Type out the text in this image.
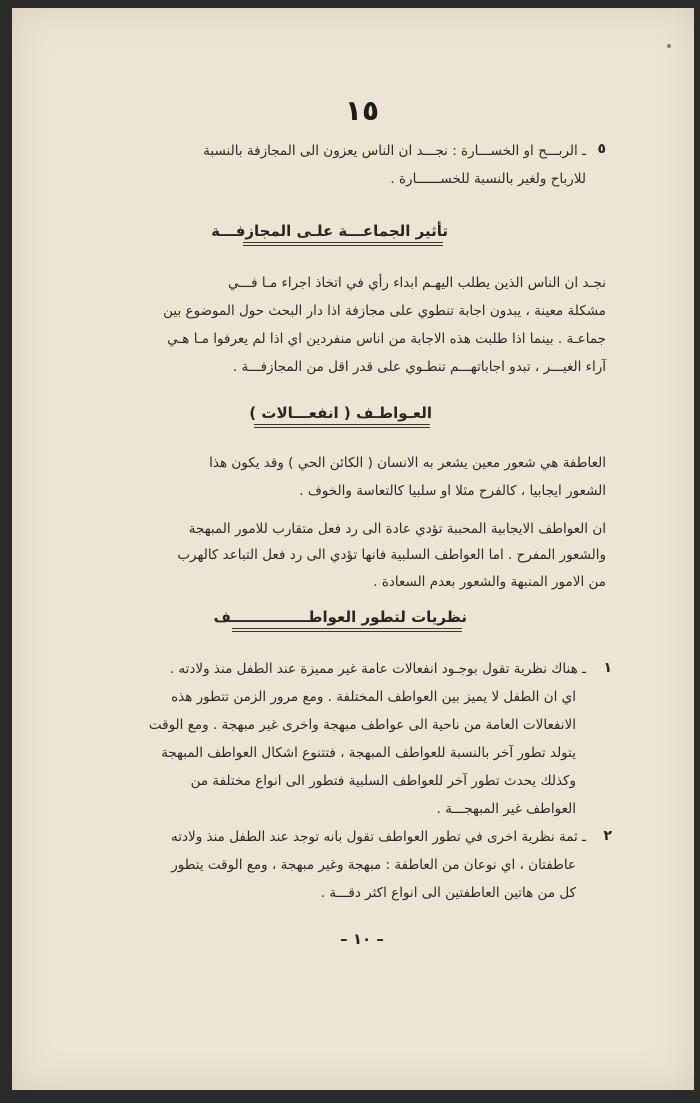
١٥
٥
ـ الربـــح او الخســـارة : نجـــد ان الناس يعزون الى المجازفة بالنسبة
للارباح ولغير بالنسبة للخســــــارة .
تأثير الجماعـــة علـى المجازفـــة
نجـد ان الناس الذين يطلب اليهـم ابداء رأي في اتخاذ اجراء مـا فـــي
مشكلة معينة ، يبدون اجابة تنطوي على مجازفة اذا دار البحث حول الموضوع بين
جماعـة . بينما اذا طلبت هذه الاجابة من اناس منفردين اي اذا لم يعرفوا مـا هـي
آراء الغيـــر ، تبدو اجاباتهـــم تنطـوي على قدر اقل من المجازفـــة .
العـواطـف ( انفعـــالات )
العاطفة هي شعور معين يشعر به الانسان ( الكائن الحي ) وقد يكون هذا
الشعور ايجابيا ، كالفرح مثلا او سلبيا كالتعاسة والخوف .
ان العواطف الايجابية المحببة تؤدي عادة الى رد فعل متقارب للامور المبهجة
والشعور المفرح . اما العواطف السلبية فانها تؤدي الى رد فعل التباعد كالهرب
من الامور المنبهة والشعور بعدم السعادة .
نظريات لتطور العواطـــــــــــــــف
١
ـ هناك نظرية تقول بوجـود انفعالات عامة غير مميزة عند الطفل منذ ولادته .
اي ان الطفل لا يميز بين العواطف المختلفة . ومع مرور الزمن تتطور هذه
الانفعالات العامة من ناحية الى عواطف مبهجة واخرى غير مبهجة . ومع الوقت
يتولد تطور آخر بالنسبة للعواطف المبهجة ، فتتنوع اشكال العواطف المبهجة
وكذلك يحدث تطور آخر للعواطف السلبية فتطور الى انواع مختلفة من
العواطف غير المبهجـــة .
٢
ـ ثمة نظرية اخرى في تطور العواطف تقول بانه توجد عند الطفل منذ ولادته
عاطفتان ، اي نوعان من العاطفة : مبهجة وغير مبهجة ، ومع الوقت يتطور
كل من هاتين العاطفتين الى انواع اكثر دقـــة .
– ١٠ –
